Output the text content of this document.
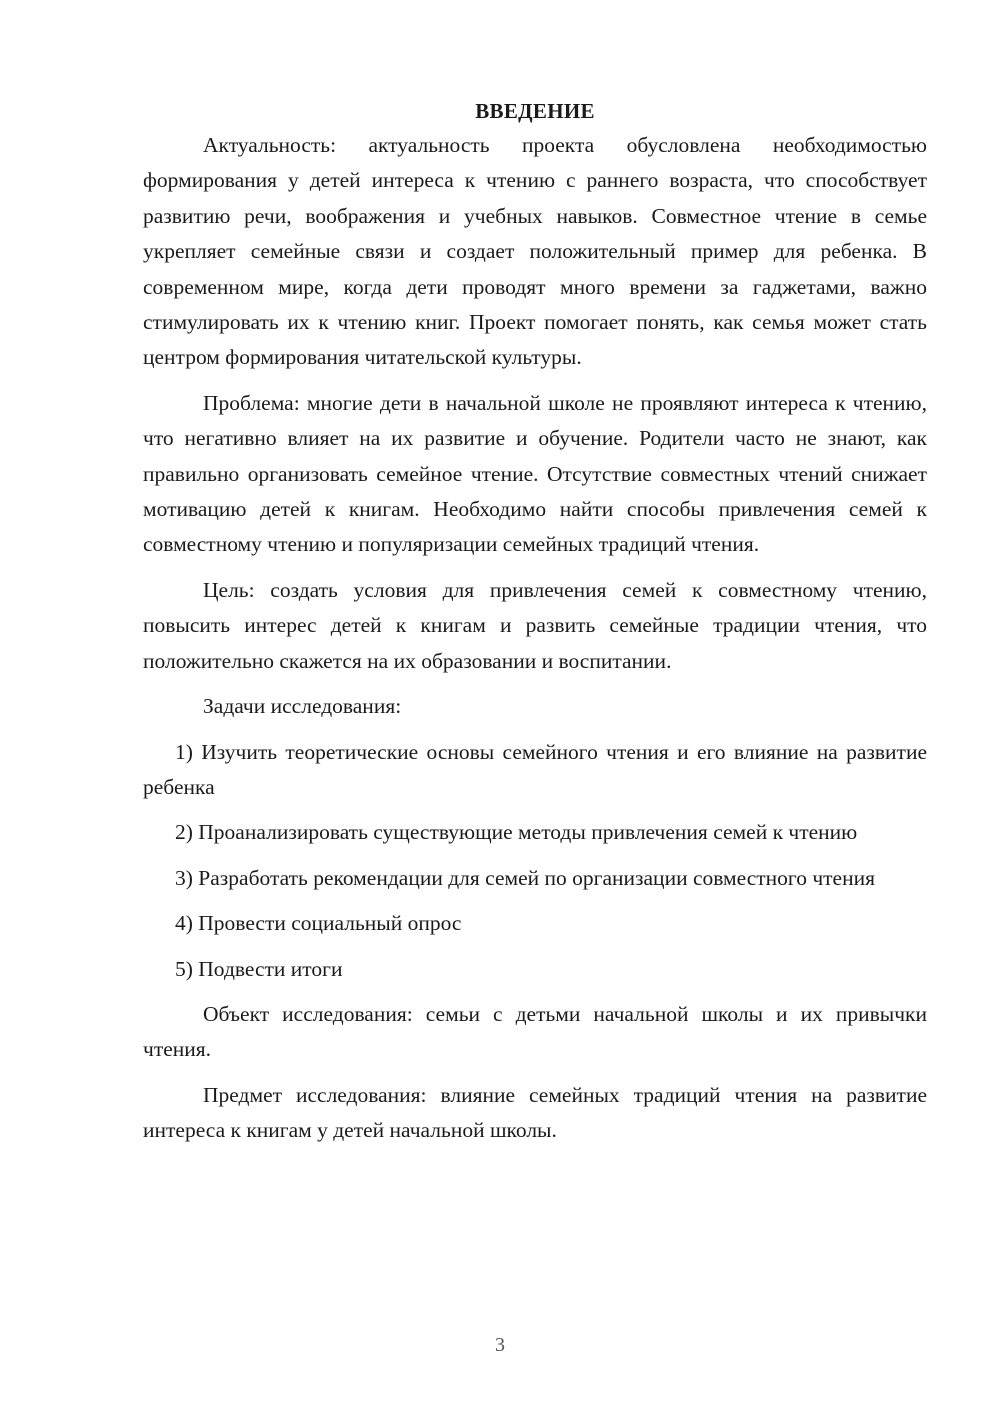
ВВЕДЕНИЕ

Актуальность: актуальность проекта обусловлена необходимостью формирования у детей интереса к чтению с раннего возраста, что способствует развитию речи, воображения и учебных навыков. Совместное чтение в семье укрепляет семейные связи и создает положительный пример для ребенка. В современном мире, когда дети проводят много времени за гаджетами, важно стимулировать их к чтению книг. Проект помогает понять, как семья может стать центром формирования читательской культуры.

Проблема: многие дети в начальной школе не проявляют интереса к чтению, что негативно влияет на их развитие и обучение. Родители часто не знают, как правильно организовать семейное чтение. Отсутствие совместных чтений снижает мотивацию детей к книгам. Необходимо найти способы привлечения семей к совместному чтению и популяризации семейных традиций чтения.

Цель: создать условия для привлечения семей к совместному чтению, повысить интерес детей к книгам и развить семейные традиции чтения, что положительно скажется на их образовании и воспитании.

Задачи исследования:

1) Изучить теоретические основы семейного чтения и его влияние на развитие ребенка

2) Проанализировать существующие методы привлечения семей к чтению

3) Разработать рекомендации для семей по организации совместного чтения

4) Провести социальный опрос

5) Подвести итоги

Объект исследования: семьи с детьми начальной школы и их привычки чтения.

Предмет исследования: влияние семейных традиций чтения на развитие интереса к книгам у детей начальной школы.

3
